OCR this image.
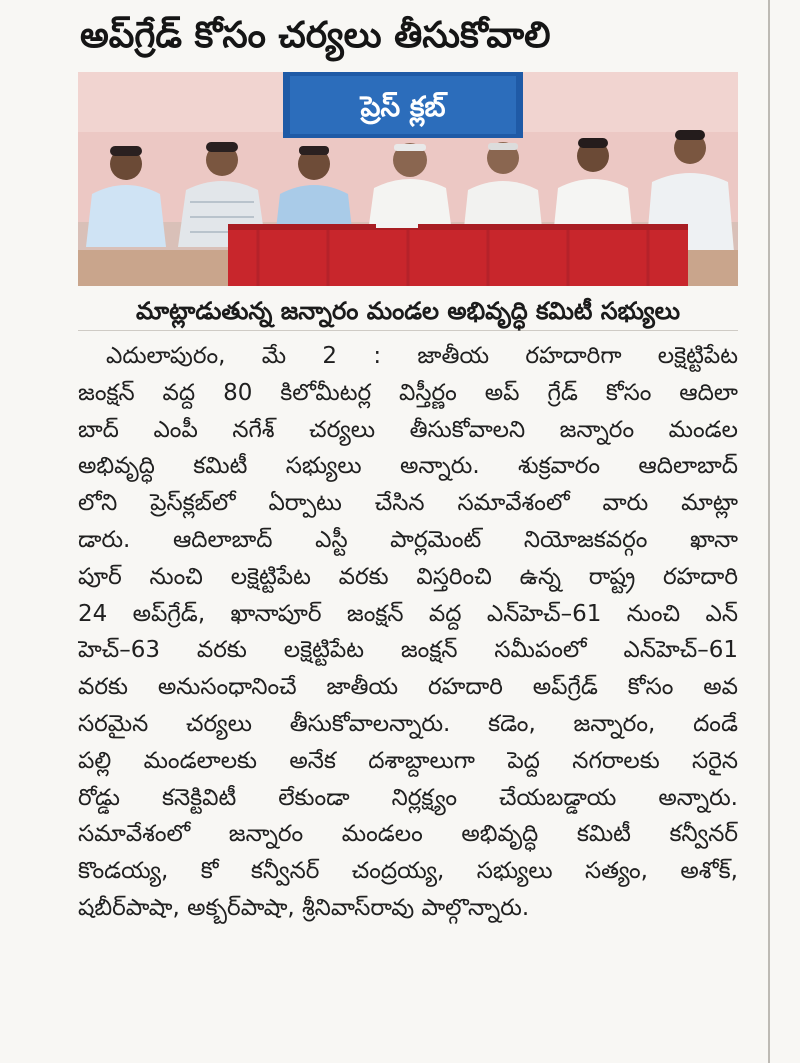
అప్‌గ్రేడ్ కోసం చర్యలు తీసుకోవాలి
ప్రెస్ క్లబ్
మాట్లాడుతున్న జన్నారం మండల అభివృద్ధి కమిటీ సభ్యులు
ఎదులాపురం, మే 2 : జాతీయ రహదారిగా లక్షెట్టిపేట
జంక్షన్ వద్ద 80 కిలోమీటర్ల విస్తీర్ణం అప్ గ్రేడ్ కోసం ఆదిలా
బాద్ ఎంపీ నగేశ్ చర్యలు తీసుకోవాలని జన్నారం మండల
అభివృద్ధి కమిటీ సభ్యులు అన్నారు. శుక్రవారం ఆదిలాబాద్
లోని ప్రెస్‌క్లబ్‌లో ఏర్పాటు చేసిన సమావేశంలో వారు మాట్లా
డారు. ఆదిలాబాద్ ఎస్టీ పార్లమెంట్ నియోజకవర్గం ఖానా
పూర్ నుంచి లక్షెట్టిపేట వరకు విస్తరించి ఉన్న రాష్ట్ర రహదారి
24 అప్‌గ్రేడ్, ఖానాపూర్ జంక్షన్ వద్ద ఎన్‌హెచ్–61 నుంచి ఎన్
హెచ్–63 వరకు లక్షెట్టిపేట జంక్షన్ సమీపంలో ఎన్‌హెచ్–61
వరకు అనుసంధానించే జాతీయ రహదారి అప్‌గ్రేడ్ కోసం అవ
సరమైన చర్యలు తీసుకోవాలన్నారు. కడెం, జన్నారం, దండే
పల్లి మండలాలకు అనేక దశాబ్దాలుగా పెద్ద నగరాలకు సరైన
రోడ్డు కనెక్టివిటీ లేకుండా నిర్లక్ష్యం చేయబడ్డాయ అన్నారు.
సమావేశంలో జన్నారం మండలం అభివృద్ధి కమిటీ కన్వీనర్
కొండయ్య, కో కన్వీనర్ చంద్రయ్య, సభ్యులు సత్యం, అశోక్,
షబీర్‌పాషా, అక్బర్‌పాషా, శ్రీనివాస్‌రావు పాల్గొన్నారు.
